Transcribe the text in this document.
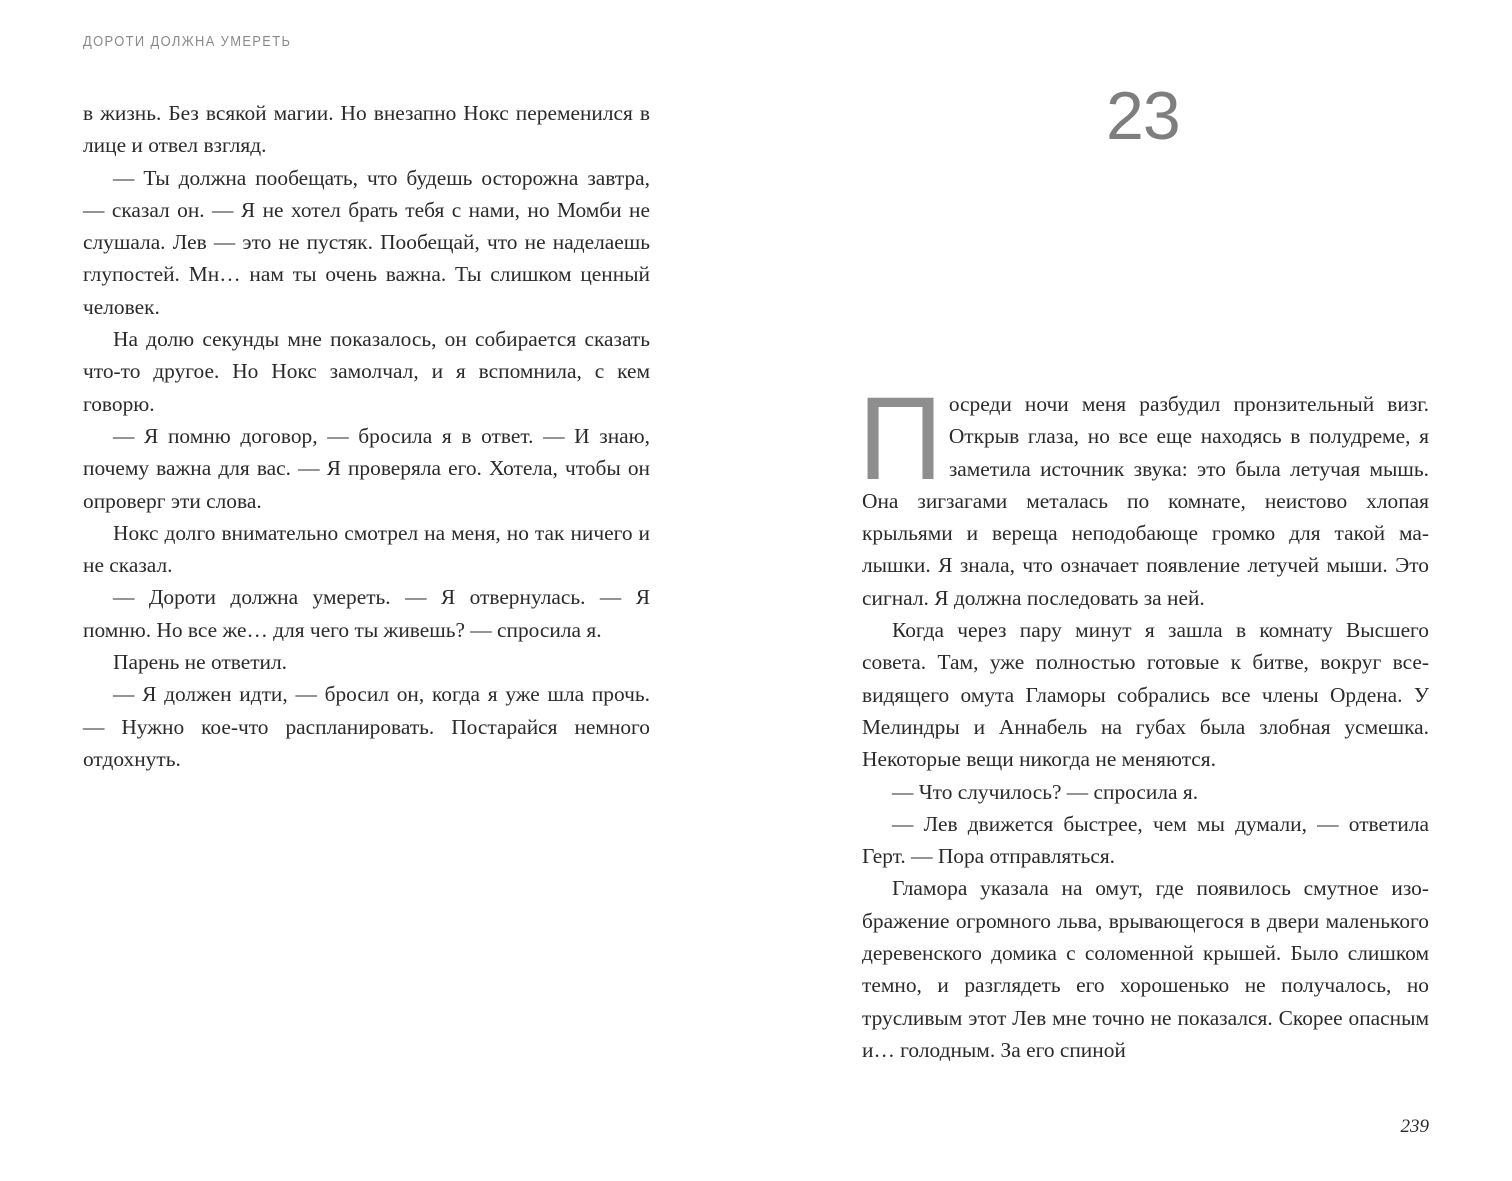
ДОРОТИ ДОЛЖНА УМЕРЕТЬ

в жизнь. Без всякой магии. Но внезапно Нокс переменился в лице и отвел взгляд.

— Ты должна пообещать, что будешь осторожна завтра, — сказал он. — Я не хотел брать тебя с нами, но Момби не слушала. Лев — это не пустяк. Пообещай, что не наделаешь глупостей. Мн… нам ты очень важна. Ты слишком ценный человек.

На долю секунды мне показалось, он собирается сказать что-то другое. Но Нокс замолчал, и я вспомнила, с кем говорю.

— Я помню договор, — бросила я в ответ. — И знаю, почему важна для вас. — Я проверяла его. Хотела, чтобы он опроверг эти слова.

Нокс долго внимательно смотрел на меня, но так ничего и не сказал.

— Дороти должна умереть. — Я отвернулась. — Я помню. Но все же… для чего ты живешь? — спросила я.

Парень не ответил.

— Я должен идти, — бросил он, когда я уже шла прочь. — Нужно кое-что распланировать. Постарайся немного отдохнуть.

23

Посреди ночи меня разбудил пронзительный визг. Открыв глаза, но все еще находясь в полудреме, я заметила источник звука: это была летучая мышь. Она зигзагами металась по комнате, неистово хлопая крыльями и вереща неподобающе громко для такой малышки. Я знала, что означает появление летучей мыши. Это сигнал. Я должна последовать за ней.

Когда через пару минут я зашла в комнату Высшего совета. Там, уже полностью готовые к битве, вокруг всевидящего омута Гламоры собрались все члены Ордена. У Мелиндры и Аннабель на губах была злобная усмешка. Некоторые вещи никогда не меняются.

— Что случилось? — спросила я.

— Лев движется быстрее, чем мы думали, — ответила Герт. — Пора отправляться.

Гламора указала на омут, где появилось смутное изображение огромного льва, врывающегося в двери маленького деревенского домика с соломенной крышей. Было слишком темно, и разглядеть его хорошенько не получалось, но трусливым этот Лев мне точно не показался. Скорее опасным и… голодным. За его спиной

239
